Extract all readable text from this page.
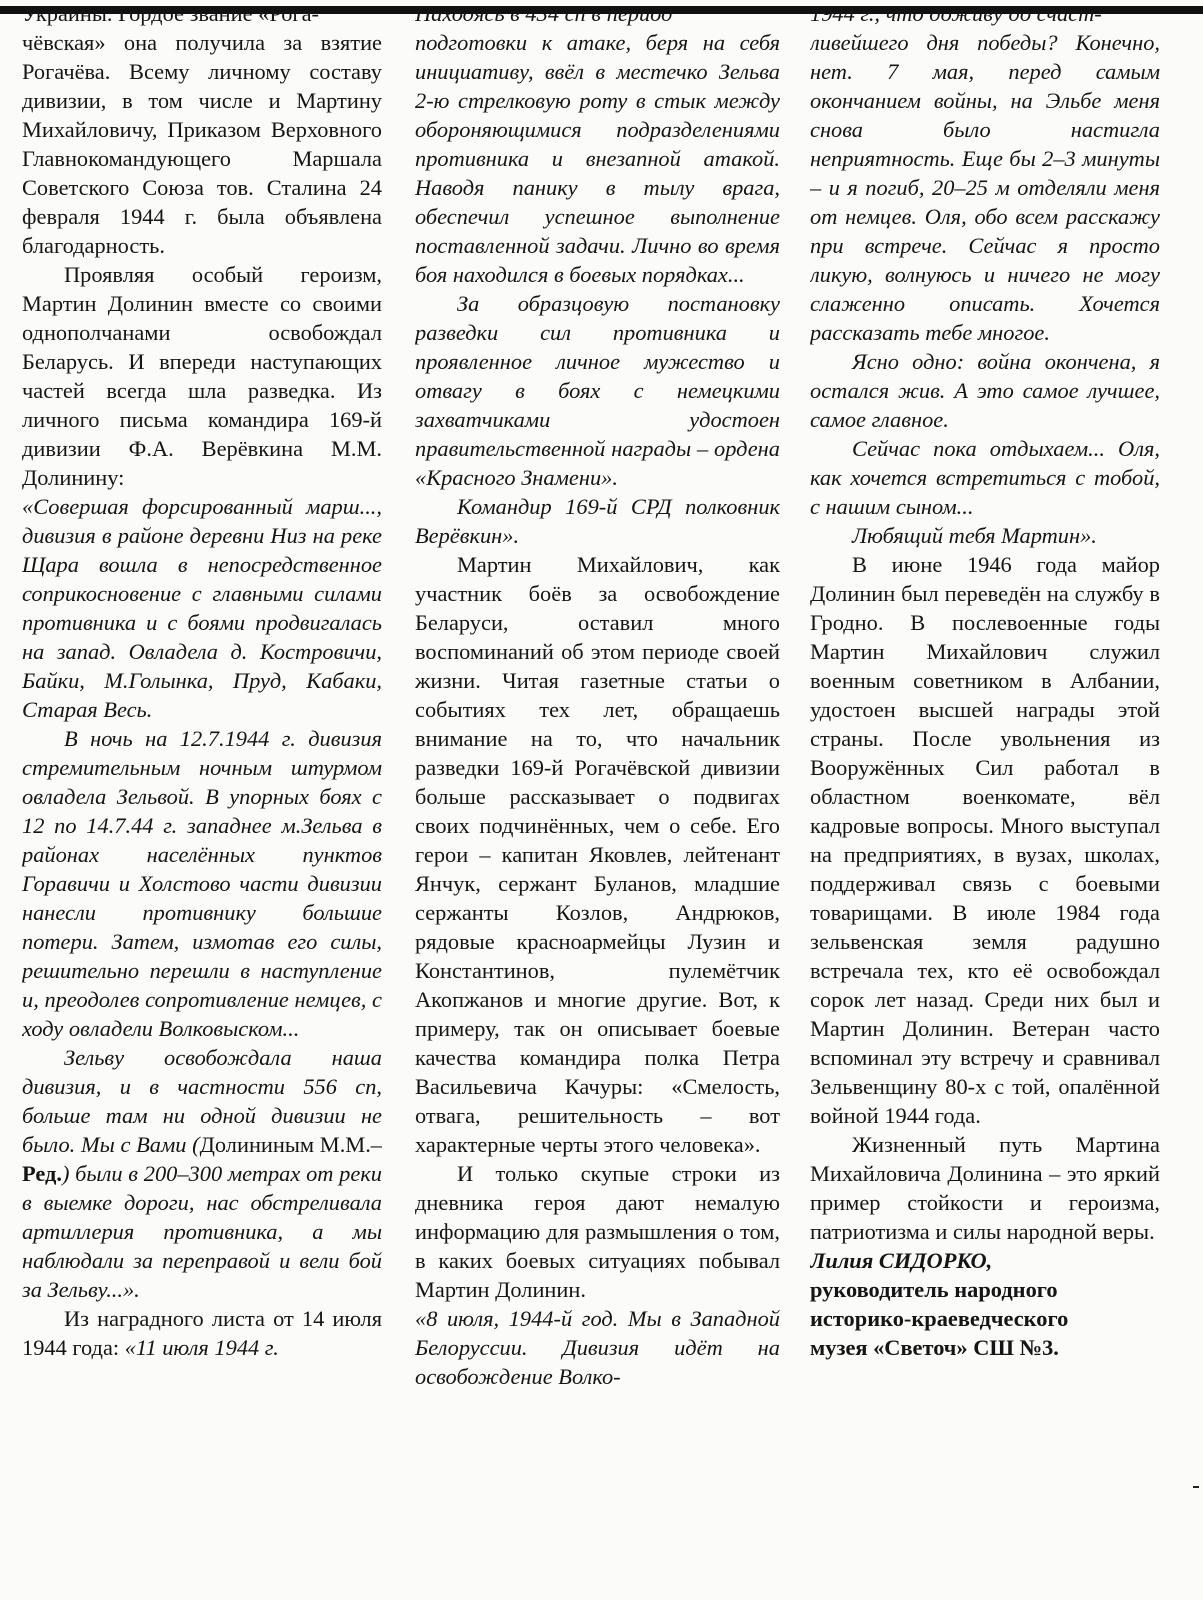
Украины. Гордое звание «Рога-

чёвская» она получила за взятие Рогачёва. Всему личному составу дивизии, в том числе и Мартину Михайловичу, Приказом Верховного Главнокомандующего Маршала Советского Союза тов. Сталина 24 февраля 1944 г. была объявлена благодарность.

Проявляя особый героизм, Мартин Долинин вместе со своими однополчанами освобождал Беларусь. И впереди наступающих частей всегда шла разведка. Из личного письма командира 169-й дивизии Ф.А. Верёвкина М.М. Долинину:

«Совершая форсированный марш..., дивизия в районе деревни Низ на реке Щара вошла в непосредственное соприкосновение с главными силами противника и с боями продвигалась на запад. Овладела д. Костровичи, Байки, М.Голынка, Пруд, Кабаки, Старая Весь.

В ночь на 12.7.1944 г. дивизия стремительным ночным штурмом овладела Зельвой. В упорных боях с 12 по 14.7.44 г. западнее м.Зельва в районах населённых пунктов Горавичи и Холстово части дивизии нанесли противнику большие потери. Затем, измотав его силы, решительно перешли в наступление и, преодолев сопротивление немцев, с ходу овладели Волковыском...

Зельву освобождала наша дивизия, и в частности 556 сп, больше там ни одной дивизии не было. Мы с Вами (Долининым М.М.–Ред.) были в 200–300 метрах от реки в выемке дороги, нас обстреливала артиллерия противника, а мы наблюдали за переправой и вели бой за Зельву...».

Из наградного листа от 14 июля 1944 года: «11 июля 1944 г.

Находясь в 434 сп в период

подготовки к атаке, беря на себя инициативу, ввёл в местечко Зельва 2-ю стрелковую роту в стык между обороняющимися подразделениями противника и внезапной атакой. Наводя панику в тылу врага, обеспечил успешное выполнение поставленной задачи. Лично во время боя находился в боевых порядках...

За образцовую постановку разведки сил противника и проявленное личное мужество и отвагу в боях с немецкими захватчиками удостоен правительственной награды – ордена «Красного Знамени».

Командир 169-й СРД полковник Верёвкин».

Мартин Михайлович, как участник боёв за освобождение Беларуси, оставил много воспоминаний об этом периоде своей жизни. Читая газетные статьи о событиях тех лет, обращаешь внимание на то, что начальник разведки 169-й Рогачёвской дивизии больше рассказывает о подвигах своих подчинённых, чем о себе. Его герои – капитан Яковлев, лейтенант Янчук, сержант Буланов, младшие сержанты Козлов, Андрюков, рядовые красноармейцы Лузин и Константинов, пулемётчик Акопжанов и многие другие. Вот, к примеру, так он описывает боевые качества командира полка Петра Васильевича Качуры: «Смелость, отвага, решительность – вот характерные черты этого человека».

И только скупые строки из дневника героя дают немалую информацию для размышления о том, в каких боевых ситуациях побывал Мартин Долинин.

«8 июля, 1944-й год. Мы в Западной Белоруссии. Дивизия идёт на освобождение Волко-

1944 г., что доживу до счаст-

ливейшего дня победы? Конечно, нет. 7 мая, перед самым окончанием войны, на Эльбе меня снова было настигла неприятность. Еще бы 2–3 минуты – и я погиб, 20–25 м отделяли меня от немцев. Оля, обо всем расскажу при встрече. Сейчас я просто ликую, волнуюсь и ничего не могу слаженно описать. Хочется рассказать тебе многое.

Ясно одно: война окончена, я остался жив. А это самое лучшее, самое главное.

Сейчас пока отдыхаем... Оля, как хочется встретиться с тобой, с нашим сыном...

Любящий тебя Мартин».

В июне 1946 года майор Долинин был переведён на службу в Гродно. В послевоенные годы Мартин Михайлович служил военным советником в Албании, удостоен высшей награды этой страны. После увольнения из Вооружённых Сил работал в областном военкомате, вёл кадровые вопросы. Много выступал на предприятиях, в вузах, школах, поддерживал связь с боевыми товарищами. В июле 1984 года зельвенская земля радушно встречала тех, кто её освобождал сорок лет назад. Среди них был и Мартин Долинин. Ветеран часто вспоминал эту встречу и сравнивал Зельвенщину 80-х с той, опалённой войной 1944 года.

Жизненный путь Мартина Михайловича Долинина – это яркий пример стойкости и героизма, патриотизма и силы народной веры.

Лилия СИДОРКО,

руководитель народного

историко-краеведческого

музея «Светоч» СШ №3.
